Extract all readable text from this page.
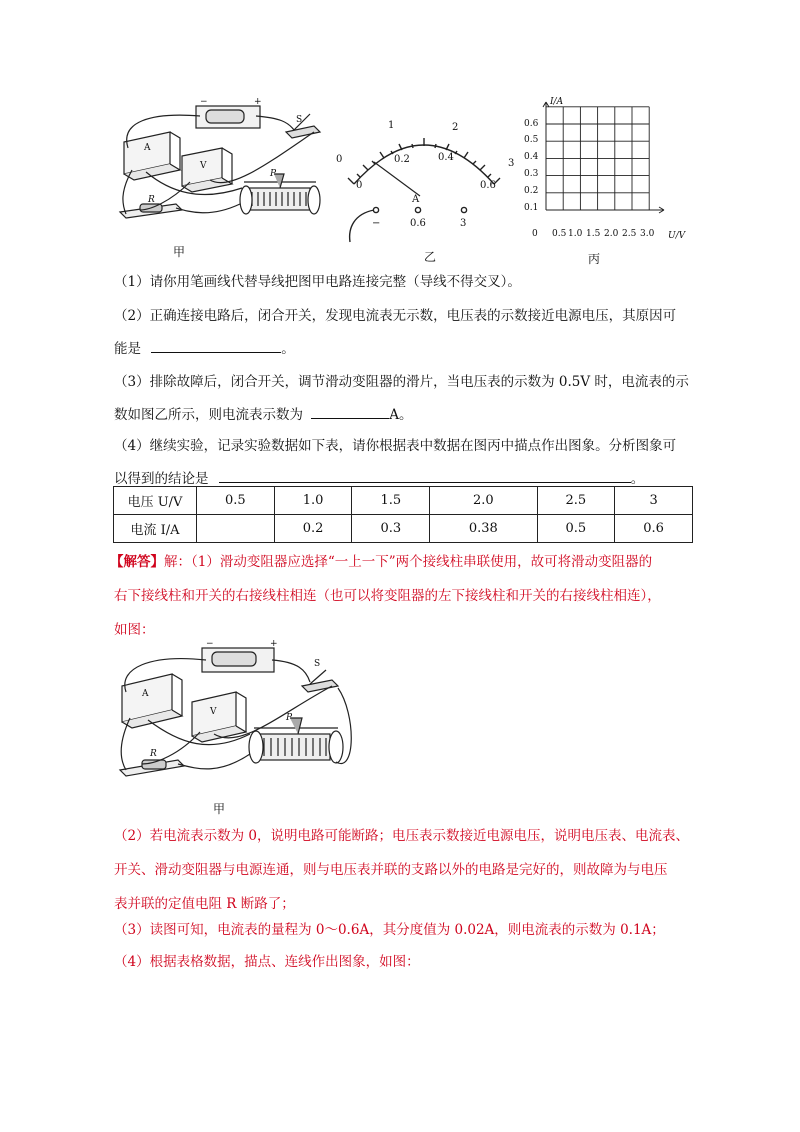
A
V
S
P
R
−	+
甲
0
1	2
3
0
0.2	0.4
0.6
A
−	0.6	3
乙
I/A
U/V
0.6
0.5
0.4
0.3
0.2
0.1
0 0.5 1.0 1.5 2.0 2.5 3.0
丙
（1）请你用笔画线代替导线把图甲电路连接完整（导线不得交叉）。
（2）正确连接电路后，闭合开关，发现电流表无示数，电压表的示数接近电源电压，其原因可
能是	。
（3）排除故障后，闭合开关，调节滑动变阻器的滑片，当电压表的示数为 0.5V 时，电流表的示
数如图乙所示，则电流表示数为	A。
（4）继续实验，记录实验数据如下表，请你根据表中数据在图丙中描点作出图象。分析图象可
以得到的结论是	。
电压 U/V	0.5	1.0	1.5	2.0	2.5	3
电流 I/A		0.2	0.3	0.38	0.5	0.6
【解答】解：（1）滑动变阻器应选择“一上一下”两个接线柱串联使用，故可将滑动变阻器的
右下接线柱和开关的右接线柱相连（也可以将变阻器的左下接线柱和开关的右接线柱相连），
如图：
A
V
S
P
R
−	+
甲
（2）若电流表示数为 0，说明电路可能断路；电压表示数接近电源电压，说明电压表、电流表、
开关、滑动变阻器与电源连通，则与电压表并联的支路以外的电路是完好的，则故障为与电压
表并联的定值电阻 R 断路了；
（3）读图可知，电流表的量程为 0～0.6A，其分度值为 0.02A，则电流表的示数为 0.1A；
（4）根据表格数据，描点、连线作出图象，如图：
